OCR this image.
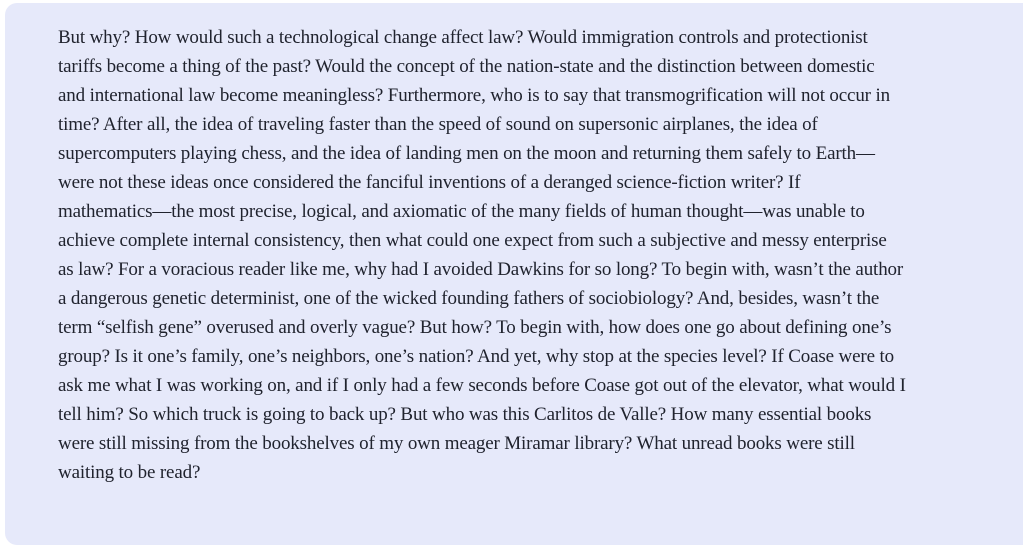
But why? How would such a technological change affect law? Would immigration controls and protectionist
tariffs become a thing of the past? Would the concept of the nation-state and the distinction between domestic
and international law become meaningless? Furthermore, who is to say that transmogrification will not occur in
time? After all, the idea of traveling faster than the speed of sound on supersonic airplanes, the idea of
supercomputers playing chess, and the idea of landing men on the moon and returning them safely to Earth—
were not these ideas once considered the fanciful inventions of a deranged science-fiction writer? If
mathematics—the most precise, logical, and axiomatic of the many fields of human thought—was unable to
achieve complete internal consistency, then what could one expect from such a subjective and messy enterprise
as law? For a voracious reader like me, why had I avoided Dawkins for so long? To begin with, wasn’t the author
a dangerous genetic determinist, one of the wicked founding fathers of sociobiology? And, besides, wasn’t the
term “selfish gene” overused and overly vague? But how? To begin with, how does one go about defining one’s
group? Is it one’s family, one’s neighbors, one’s nation? And yet, why stop at the species level? If Coase were to
ask me what I was working on, and if I only had a few seconds before Coase got out of the elevator, what would I
tell him? So which truck is going to back up? But who was this Carlitos de Valle? How many essential books
were still missing from the bookshelves of my own meager Miramar library? What unread books were still
waiting to be read?
